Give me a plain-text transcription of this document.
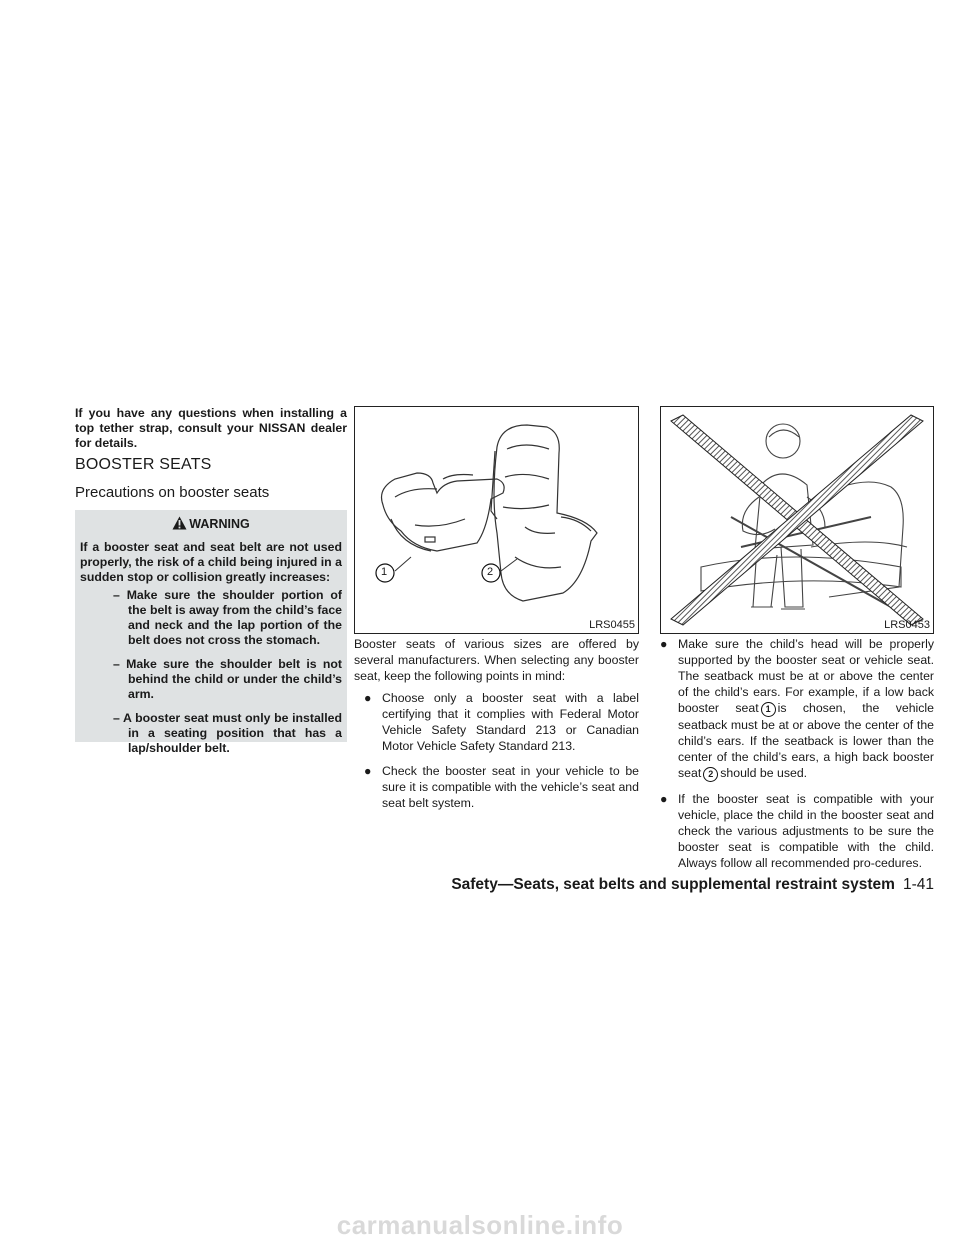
If you have any questions when installing a top tether strap, consult your NISSAN dealer for details.
BOOSTER SEATS
Precautions on booster seats
WARNING
If a booster seat and seat belt are not used properly, the risk of a child being injured in a sudden stop or collision greatly increases:
– Make sure the shoulder portion of the belt is away from the child’s face and neck and the lap portion of the belt does not cross the stomach.
– Make sure the shoulder belt is not behind the child or under the child’s arm.
– A booster seat must only be installed in a seating position that has a lap/shoulder belt.
1	2
LRS0455
Booster seats of various sizes are offered by several manufacturers. When selecting any booster seat, keep the following points in mind:
● Choose only a booster seat with a label certifying that it complies with Federal Motor Vehicle Safety Standard 213 or Canadian Motor Vehicle Safety Standard 213.
● Check the booster seat in your vehicle to be sure it is compatible with the vehicle’s seat and seat belt system.
LRS0453
● Make sure the child’s head will be properly supported by the booster seat or vehicle seat. The seatback must be at or above the center of the child’s ears. For example, if a low back booster seat 1 is chosen, the vehicle seatback must be at or above the center of the child’s ears. If the seatback is lower than the center of the child’s ears, a high back booster seat 2 should be used.
● If the booster seat is compatible with your vehicle, place the child in the booster seat and check the various adjustments to be sure the booster seat is compatible with the child. Always follow all recommended pro-cedures.
Safety—Seats, seat belts and supplemental restraint system 1-41
carmanualsonline.info
